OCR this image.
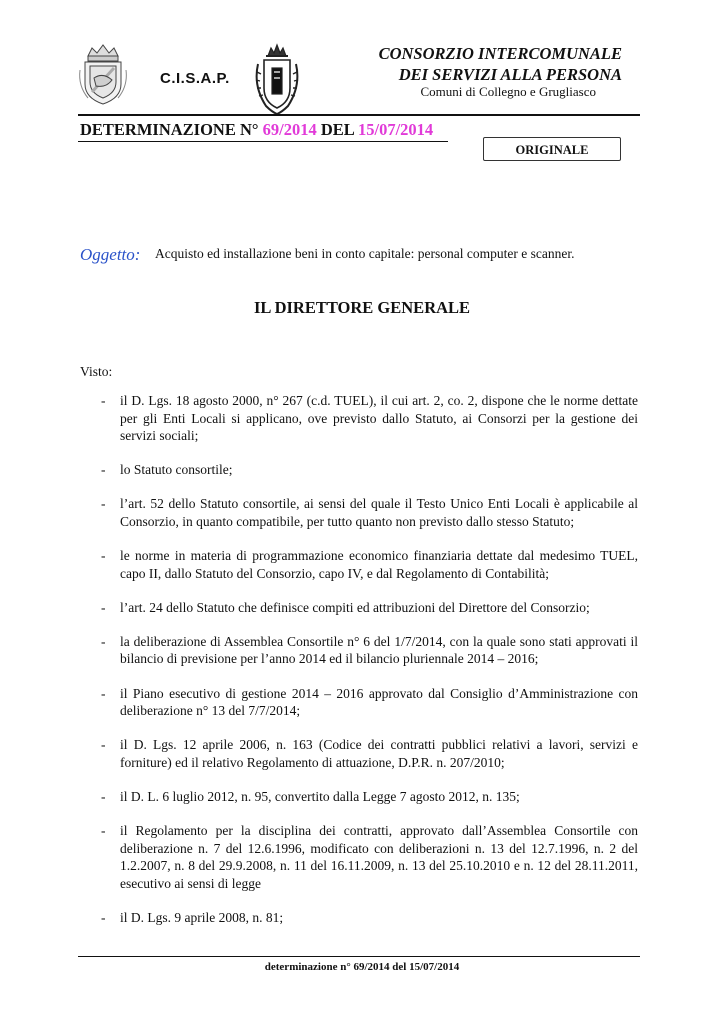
C.I.S.A.P.
CONSORZIO INTERCOMUNALE
DEI SERVIZI ALLA PERSONA
Comuni di Collegno e Grugliasco
DETERMINAZIONE N° 69/2014 DEL 15/07/2014
ORIGINALE
Oggetto: Acquisto ed installazione beni in conto capitale: personal computer e scanner.
IL DIRETTORE GENERALE
Visto:
- il D. Lgs. 18 agosto 2000, n° 267 (c.d. TUEL), il cui art. 2, co. 2, dispone che le norme dettate per gli Enti Locali si applicano, ove previsto dallo Statuto, ai Consorzi per la gestione dei servizi sociali;
- lo Statuto consortile;
- l’art. 52 dello Statuto consortile, ai sensi del quale il Testo Unico Enti Locali è applicabile al Consorzio, in quanto compatibile, per tutto quanto non previsto dallo stesso Statuto;
- le norme in materia di programmazione economico finanziaria dettate dal medesimo TUEL, capo II, dallo Statuto del Consorzio, capo IV, e dal Regolamento di Contabilità;
- l’art. 24 dello Statuto che definisce compiti ed attribuzioni del Direttore del Consorzio;
- la deliberazione di Assemblea Consortile n° 6 del 1/7/2014, con la quale sono stati approvati il bilancio di previsione per l’anno 2014 ed il bilancio pluriennale 2014 – 2016;
- il Piano esecutivo di gestione 2014 – 2016 approvato dal Consiglio d’Amministrazione con deliberazione n° 13 del 7/7/2014;
- il D. Lgs. 12 aprile 2006, n. 163 (Codice dei contratti pubblici relativi a lavori, servizi e forniture) ed il relativo Regolamento di attuazione, D.P.R. n. 207/2010;
- il D. L. 6 luglio 2012, n. 95, convertito dalla Legge 7 agosto 2012, n. 135;
- il Regolamento per la disciplina dei contratti, approvato dall’Assemblea Consortile con deliberazione n. 7 del 12.6.1996, modificato con deliberazioni n. 13 del 12.7.1996, n. 2 del 1.2.2007, n. 8 del 29.9.2008, n. 11 del 16.11.2009, n. 13 del 25.10.2010 e n. 12 del 28.11.2011, esecutivo ai sensi di legge
- il D. Lgs. 9 aprile 2008, n. 81;
determinazione n° 69/2014 del 15/07/2014
